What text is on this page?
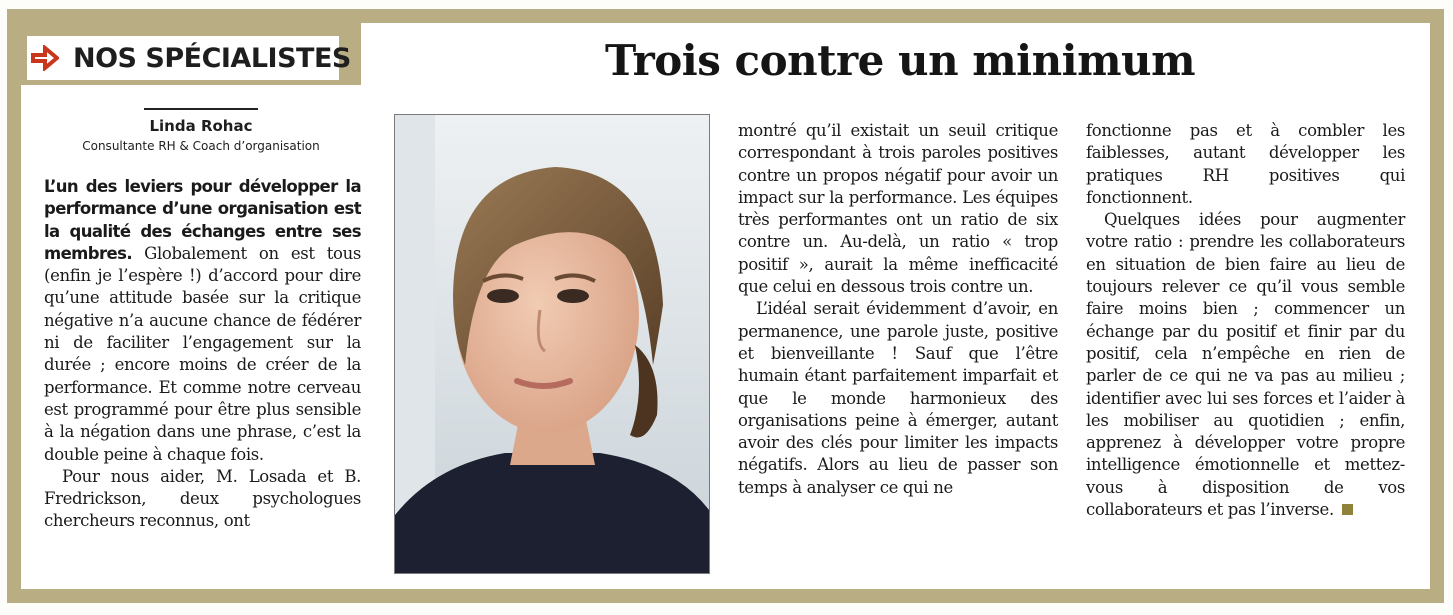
NOS SPÉCIALISTES	Trois contre un minimum
Linda Rohac
Consultante RH & Coach d’organisation

L’un des leviers pour développer la performance d’une organisation est la qualité des échanges entre ses membres. Globalement on est tous (enfin je l’espère !) d’accord pour dire qu’une attitude basée sur la critique négative n’a aucune chance de fédérer ni de faciliter l’engagement sur la durée ; encore moins de créer de la performance. Et comme notre cerveau est programmé pour être plus sensible à la négation dans une phrase, c’est la double peine à chaque fois.

Pour nous aider, M. Losada et B. Fredrickson, deux psychologues chercheurs reconnus, ont

montré qu’il existait un seuil critique correspondant à trois paroles positives contre un propos négatif pour avoir un impact sur la performance. Les équipes très performantes ont un ratio de six contre un. Au-delà, un ratio « trop positif », aurait la même inefficacité que celui en dessous trois contre un.

L’idéal serait évidemment d’avoir, en permanence, une parole juste, positive et bienveillante ! Sauf que l’être humain étant parfaitement imparfait et que le monde harmonieux des organisations peine à émerger, autant avoir des clés pour limiter les impacts négatifs. Alors au lieu de passer son temps à analyser ce qui ne

fonctionne pas et à combler les faiblesses, autant développer les pratiques RH positives qui fonctionnent.

Quelques idées pour augmenter votre ratio : prendre les collaborateurs en situation de bien faire au lieu de toujours relever ce qu’il vous semble faire moins bien ; commencer un échange par du positif et finir par du positif, cela n’empêche en rien de parler de ce qui ne va pas au milieu ; identifier avec lui ses forces et l’aider à les mobiliser au quotidien ; enfin, apprenez à développer votre propre intelligence émotionnelle et mettez-vous à disposition de vos collaborateurs et pas l’inverse.
